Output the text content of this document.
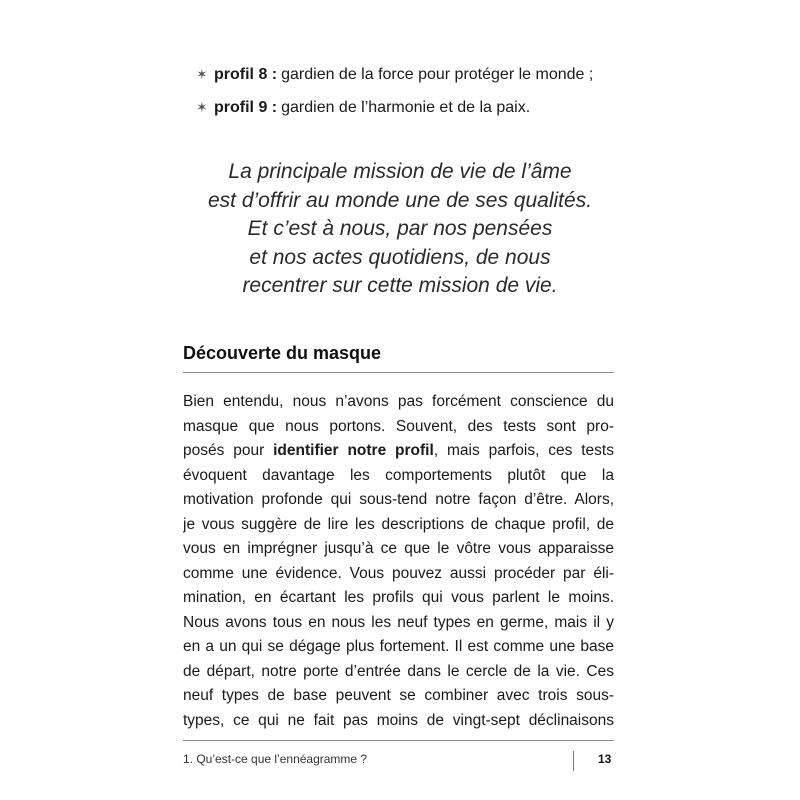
✶ profil 8 : gardien de la force pour protéger le monde ;
✶ profil 9 : gardien de l’harmonie et de la paix.
La principale mission de vie de l’âme
est d’offrir au monde une de ses qualités.
Et c’est à nous, par nos pensées
et nos actes quotidiens, de nous
recentrer sur cette mission de vie.
Découverte du masque
Bien entendu, nous n’avons pas forcément conscience du
masque que nous portons. Souvent, des tests sont pro-
posés pour identifier notre profil, mais parfois, ces tests
évoquent davantage les comportements plutôt que la
motivation profonde qui sous-tend notre façon d’être. Alors,
je vous suggère de lire les descriptions de chaque profil, de
vous en imprégner jusqu’à ce que le vôtre vous apparaisse
comme une évidence. Vous pouvez aussi procéder par éli-
mination, en écartant les profils qui vous parlent le moins.
Nous avons tous en nous les neuf types en germe, mais il y
en a un qui se dégage plus fortement. Il est comme une base
de départ, notre porte d’entrée dans le cercle de la vie. Ces
neuf types de base peuvent se combiner avec trois sous-
types, ce qui ne fait pas moins de vingt-sept déclinaisons
1. Qu’est-ce que l’ennéagramme ?	13
